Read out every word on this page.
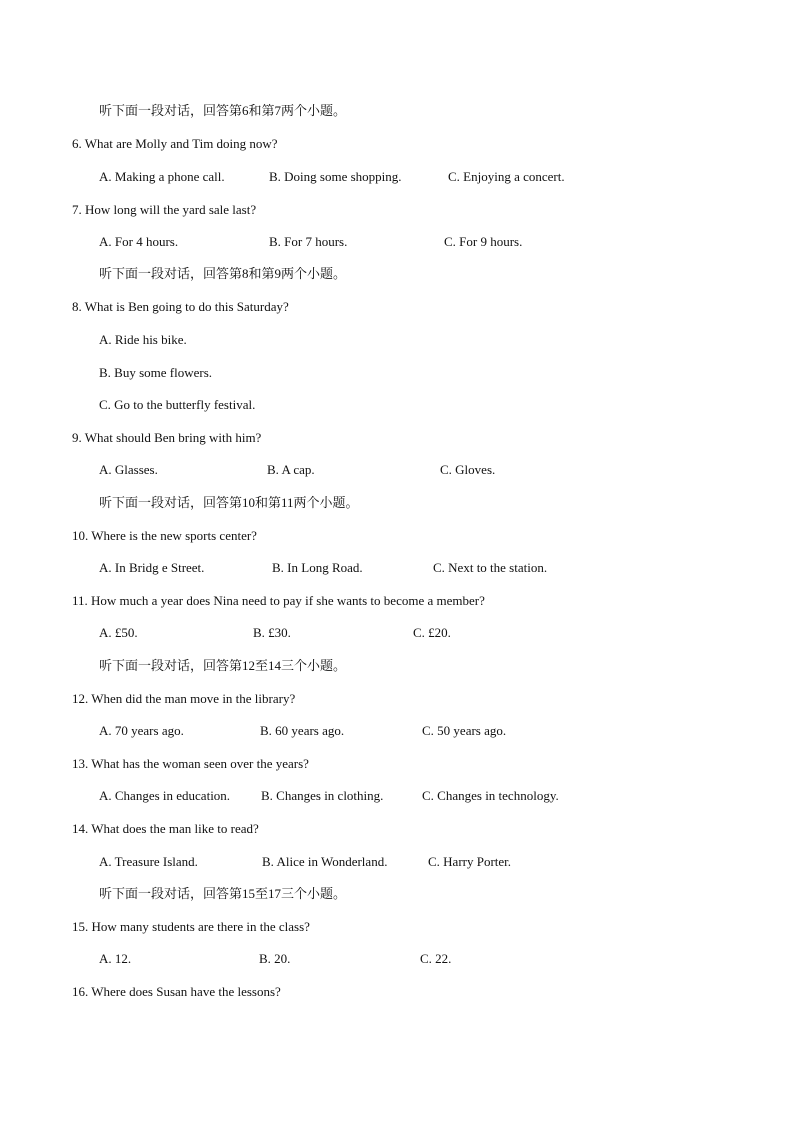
听下面一段对话，回答第6和第7两个小题。
6. What are Molly and Tim doing now?
A. Making a phone call.	B. Doing some shopping.	C. Enjoying a concert.
7. How long will the yard sale last?
A. For 4 hours.	B. For 7 hours.	C. For 9 hours.
听下面一段对话，回答第8和第9两个小题。
8. What is Ben going to do this Saturday?
A. Ride his bike.
B. Buy some flowers.
C. Go to the butterfly festival.
9. What should Ben bring with him?
A. Glasses.	B. A cap.	C. Gloves.
听下面一段对话，回答第10和第11两个小题。
10. Where is the new sports center?
A. In Bridg e Street.	B. In Long Road.	C. Next to the station.
11. How much a year does Nina need to pay if she wants to become a member?
A. £50.	B. £30.	C. £20.
听下面一段对话，回答第12至14三个小题。
12. When did the man move in the library?
A. 70 years ago.	B. 60 years ago.	C. 50 years ago.
13. What has the woman seen over the years?
A. Changes in education. B. Changes in clothing.	C. Changes in technology.
14. What does the man like to read?
A. Treasure Island.	B. Alice in Wonderland.	C. Harry Porter.
听下面一段对话，回答第15至17三个小题。
15. How many students are there in the class?
A. 12.	B. 20.	C. 22.
16. Where does Susan have the lessons?
